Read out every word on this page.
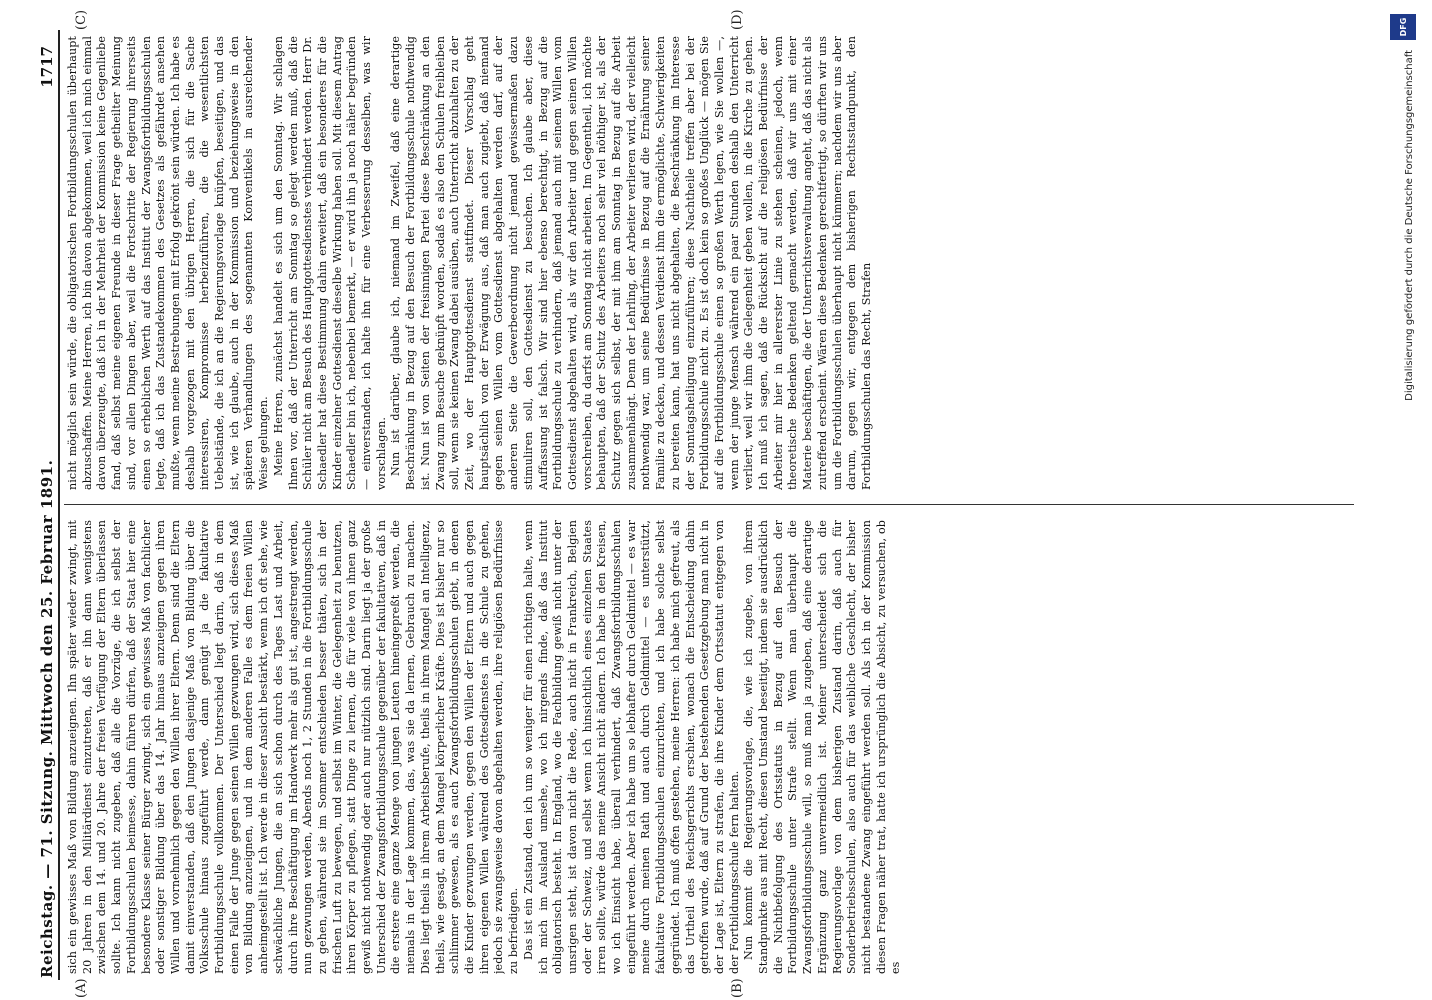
Reichstag. — 71. Sitzung. Mittwoch den 25. Februar 1891.
1717
(A)	(B)
(C)	(D)

sich ein gewisses Maß von Bildung anzueignen. Ihn später wieder zwingt, mit 20 Jahren in den Militärdienst einzutreten, daß er ihn dann wenigstens zwischen dem 14. und 20. Jahre der freien Verfügung der Eltern überlassen sollte. Ich kann nicht zugeben, daß alle die Vorzüge, die ich selbst der Fortbildungsschulen beimesse, dahin führen dürfen, daß der Staat hier eine besondere Klasse seiner Bürger zwingt, sich ein gewisses Maß von fachlicher oder sonstiger Bildung über das 14. Jahr hinaus anzueignen gegen ihren Willen und vornehmlich gegen den Willen ihrer Eltern. Denn sind die Eltern damit einverstanden, daß den Jungen dasjenige Maß von Bildung über die Volksschule hinaus zugeführt werde, dann genügt ja die fakultative Fortbildungsschule vollkommen. Der Unterschied liegt darin, daß in dem einen Falle der Junge gegen seinen Willen gezwungen wird, sich dieses Maß von Bildung anzueignen, und in dem anderen Falle es dem freien Willen anheimgestellt ist. Ich werde in dieser Ansicht bestärkt, wenn ich oft sehe, wie schwächliche Jungen, die an sich schon durch des Tages Last und Arbeit, durch ihre Beschäftigung im Handwerk mehr als gut ist, angestrengt werden, nun gezwungen werden, Abends noch 1, 2 Stunden in die Fortbildungsschule zu gehen, während sie im Sommer entschieden besser thäten, sich in der frischen Luft zu bewegen, und selbst im Winter, die Gelegenheit zu benutzen, ihren Körper zu pflegen, statt Dinge zu lernen, die für viele von ihnen ganz gewiß nicht nothwendig oder auch nur nützlich sind. Darin liegt ja der große Unterschied der Zwangsfortbildungsschule gegenüber der fakultativen, daß in die erstere eine ganze Menge von jungen Leuten hineingepreßt werden, die niemals in der Lage kommen, das, was sie da lernen, Gebrauch zu machen. Dies liegt theils in ihrem Arbeitsberufe, theils in ihrem Mangel an Intelligenz, theils, wie gesagt, an dem Mangel körperlicher Kräfte. Dies ist bisher nur so schlimmer gewesen, als es auch Zwangsfortbildungsschulen giebt, in denen die Kinder gezwungen werden, gegen den Willen der Eltern und auch gegen ihren eigenen Willen während des Gottesdienstes in die Schule zu gehen, jedoch sie zwangsweise davon abgehalten werden, ihre religiösen Bedürfnisse zu befriedigen. Das ist ein Zustand, den ich um so weniger für einen richtigen halte, wenn ich mich im Ausland umsehe, wo ich nirgends finde, daß das Institut obligatorisch besteht. In England, wo die Fachbildung gewiß nicht unter der unsrigen steht, ist davon nicht die Rede, auch nicht in Frankreich, Belgien oder der Schweiz, und selbst wenn ich hinsichtlich eines einzelnen Staates irren sollte, würde das meine Ansicht nicht ändern. Ich habe in den Kreisen, wo ich Einsicht habe, überall verhindert, daß Zwangsfortbildungsschulen eingeführt werden. Aber ich habe um so lebhafter durch Geldmittel — es war meine durch meinen Rath und auch durch Geldmittel — es unterstützt, fakultative Fortbildungsschulen einzurichten, und ich habe solche selbst gegründet. Ich muß offen gestehen, meine Herren: ich habe mich gefreut, als das Urtheil des Reichsgerichts erschien, wonach die Entscheidung dahin getroffen wurde, daß auf Grund der bestehenden Gesetzgebung man nicht in der Lage ist, Eltern zu strafen, die ihre Kinder dem Ortsstatut entgegen von der Fortbildungsschule fern halten. Nun kommt die Regierungsvorlage, die, wie ich zugebe, von ihrem Standpunkte aus mit Recht, diesen Umstand beseitigt, indem sie ausdrücklich die Nichtbefolgung des Ortsstatuts in Bezug auf den Besuch der Fortbildungsschule unter Strafe stellt. Wenn man überhaupt die Zwangsfortbildungsschule will, so muß man ja zugeben, daß eine derartige Ergänzung ganz unvermeidlich ist. Meiner unterscheidet sich die Regierungsvorlage von dem bisherigen Zustand darin, daß auch für Sonderbetriebsschulen, also auch für das weibliche Geschlecht, der bisher nicht bestandene Zwang eingeführt werden soll. Als ich in der Kommission diesen Fragen näher trat, hatte ich ursprünglich die Absicht, zu versuchen, ob es

nicht möglich sein würde, die obligatorischen Fortbildungsschulen überhaupt abzuschaffen. Meine Herren, ich bin davon abgekommen, weil ich mich einmal davon überzeugte, daß ich in der Mehrheit der Kommission keine Gegenliebe fand, daß selbst meine eigenen Freunde in dieser Frage getheilter Meinung sind, vor allen Dingen aber, weil die Fortschritte der Regierung ihrerseits einen so erheblichen Werth auf das Institut der Zwangsfortbildungsschulen legte, daß ich das Zustandekommen des Gesetzes als gefährdet ansehen mußte, wenn meine Bestrebungen mit Erfolg gekrönt sein würden. Ich habe es deshalb vorgezogen mit den übrigen Herren, die sich für die Sache interessiren, Kompromisse herbeizuführen, die die wesentlichsten Uebelstände, die ich an die Regierungsvorlage knüpfen, beseitigen, und das ist, wie ich glaube, auch in der Kommission und beziehungsweise in den späteren Verhandlungen des sogenannten Konventikels in ausreichender Weise gelungen. Meine Herren, zunächst handelt es sich um den Sonntag. Wir schlagen Ihnen vor, daß der Unterricht am Sonntag so gelegt werden muß, daß die Schüler nicht am Besuch des Hauptgottesdienstes verhindert werden. Herr Dr. Schaedler hat diese Bestimmung dahin erweitert, daß ein besonderes für die Kinder einzelner Gottesdienst dieselbe Wirkung haben soll. Mit diesem Antrag Schaedler bin ich, nebenbei bemerkt, — er wird ihn ja noch näher begründen — einverstanden, ich halte ihn für eine Verbesserung desselben, was wir vorschlagen. Nun ist darüber, glaube ich, niemand im Zweifel, daß eine derartige Beschränkung in Bezug auf den Besuch der Fortbildungsschule nothwendig ist. Nun ist von Seiten der freisinnigen Partei diese Beschränkung an den Zwang zum Besuche geknüpft worden, sodaß es also den Schulen freibleiben soll, wenn sie keinen Zwang dabei ausüben, auch Unterricht abzuhalten zu der Zeit, wo der Hauptgottesdienst stattfindet. Dieser Vorschlag geht hauptsächlich von der Erwägung aus, daß man auch zugiebt, daß niemand gegen seinen Willen vom Gottesdienst abgehalten werden darf, auf der anderen Seite die Gewerbeordnung nicht jemand gewissermaßen dazu stimuliren soll, den Gottesdienst zu besuchen. Ich glaube aber, diese Auffassung ist falsch. Wir sind hier ebenso berechtigt, in Bezug auf die Fortbildungsschule zu verhindern, daß jemand auch mit seinem Willen vom Gottesdienst abgehalten wird, als wir den Arbeiter und gegen seinen Willen vorschreiben, du darfst am Sonntag nicht arbeiten. Im Gegentheil, ich möchte behaupten, daß der Schutz des Arbeiters noch sehr viel nöthiger ist, als der Schutz gegen sich selbst, der mit ihm am Sonntag in Bezug auf die Arbeit zusammenhängt. Denn der Lehrling, der Arbeiter verlieren wird, der vielleicht nothwendig war, um seine Bedürfnisse in Bezug auf die Ernährung seiner Familie zu decken, und dessen Verdienst ihm die ermöglichte, Schwierigkeiten zu bereiten kann, hat uns nicht abgehalten, die Beschränkung im Interesse der Sonntagsheiligung einzuführen; diese Nachtheile treffen aber bei der Fortbildungsschule nicht zu. Es ist doch kein so großes Unglück — mögen Sie auf die Fortbildungsschule einen so großen Werth legen, wie Sie wollen —, wenn der junge Mensch während ein paar Stunden deshalb den Unterricht verliert, weil wir ihm die Gelegenheit geben wollen, in die Kirche zu gehen. Ich muß ich sagen, daß die Rücksicht auf die religiösen Bedürfnisse der Arbeiter mir hier in allererster Linie zu stehen scheinen, jedoch, wenn theoretische Bedenken geltend gemacht werden, daß wir uns mit einer Materie beschäftigen, die der Unterrichtsverwaltung angeht, daß das nicht als zutreffend erscheint. Wären diese Bedenken gerechtfertigt, so dürften wir uns um die Fortbildungsschulen überhaupt nicht kümmern; nachdem wir uns aber darum, gegen wir, entgegen dem bisherigen Rechtsstandpunkt, den Fortbildungsschulen das Recht, Strafen	Digitalisierung gefördert durch die Deutsche Forschungsgemeinschaft
DFG
